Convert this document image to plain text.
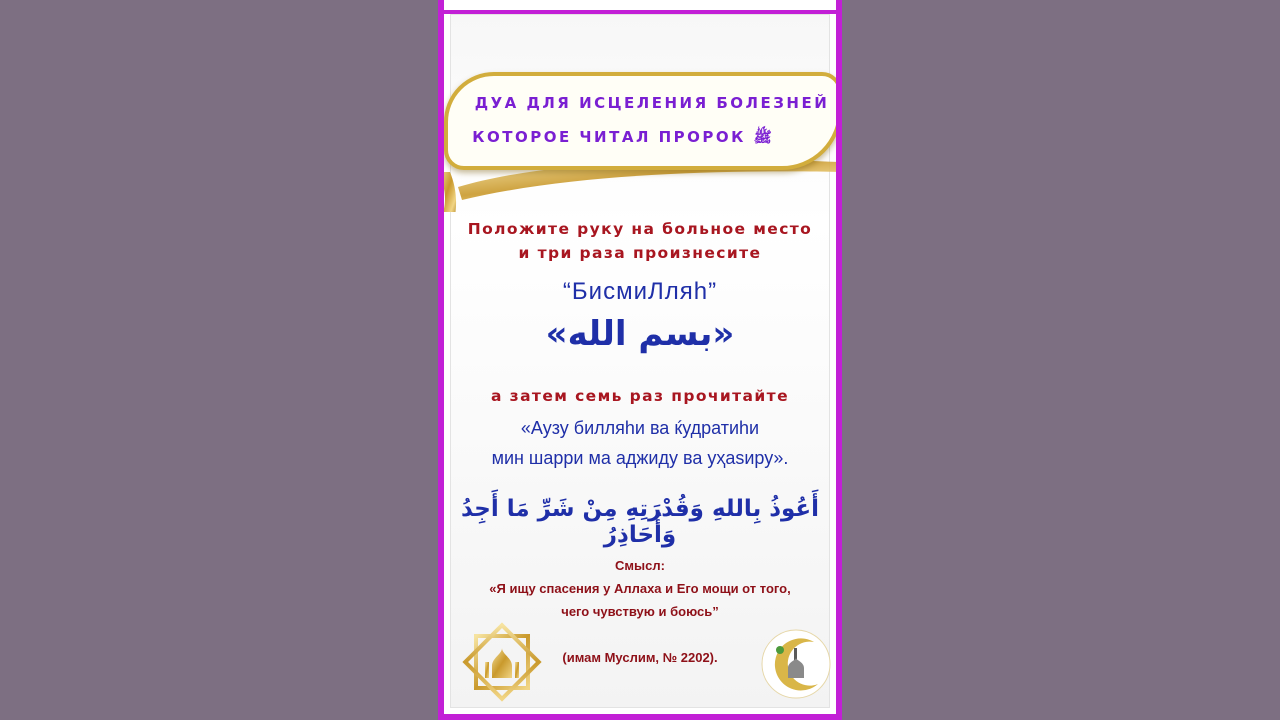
ДУА ДЛЯ ИСЦЕЛЕНИЯ БОЛЕЗНЕЙ
КОТОРОЕ ЧИТАЛ ПРОРОК ﷺ
Положите руку на больное место
и три раза произнесите
“БисмиЛляh”
«بسم الله»
а затем семь раз прочитайте
«Аузу билляhи ва ќудратиhи
мин шарри ма аджиду ва уҳаѕиру».
أَعُوذُ بِاللهِ وَقُدْرَتِهِ مِنْ شَرِّ مَا أَجِدُ وَأُحَاذِرُ
Смысл:
«Я ищу спасения у Аллаха и Его мощи от того,
чего чувствую и боюсь”
(имам Муслим, № 2202).
